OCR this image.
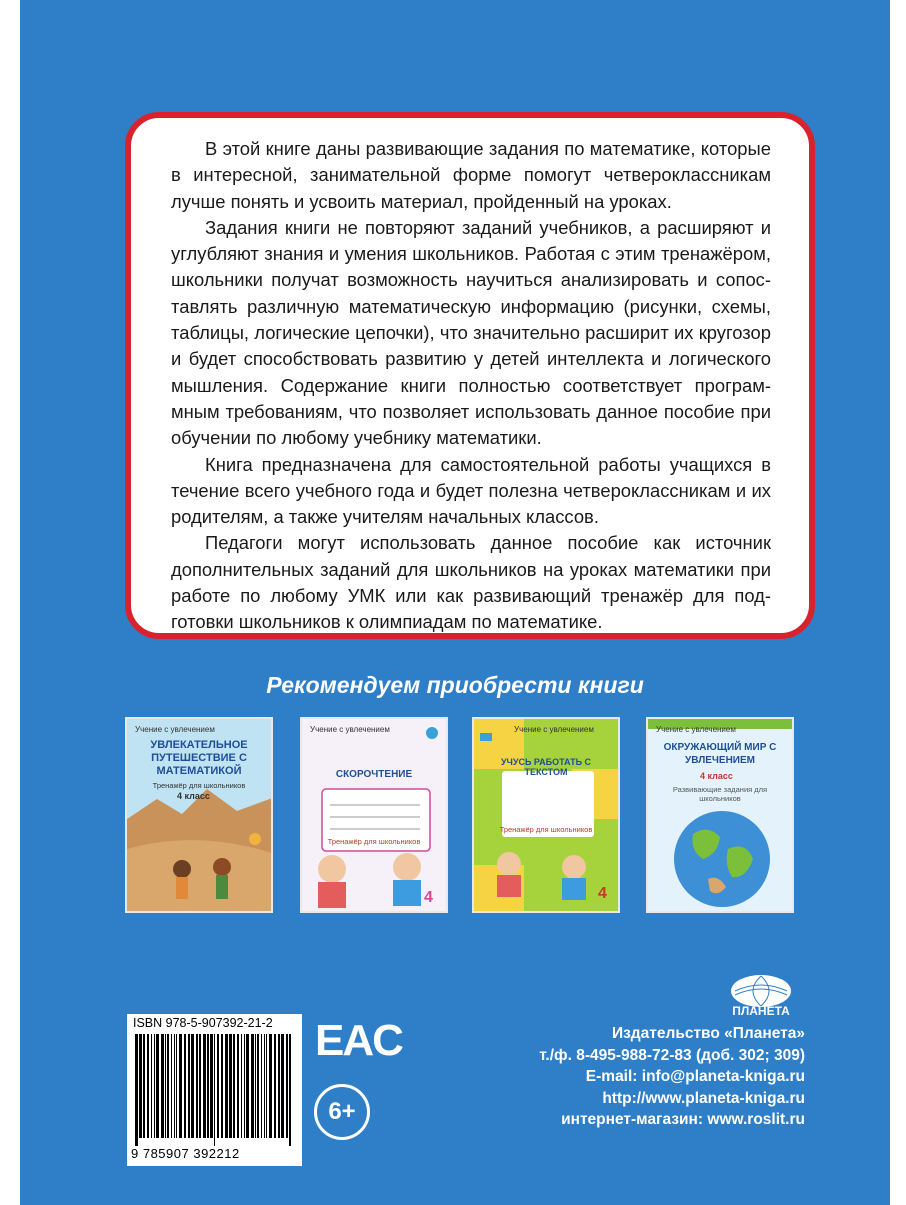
В этой книге даны развивающие задания по математике, которые в интересной, занимательной форме помогут четвероклассникам лучше понять и усвоить материал, пройденный на уроках.

Задания книги не повторяют заданий учебников, а расширяют и углубляют знания и умения школьников. Работая с этим тренажёром, школьники получат возможность научиться анализировать и сопоставлять различную математическую информацию (рисунки, схемы, таблицы, логические цепочки), что значительно расширит их кругозор и будет способствовать развитию у детей интеллекта и логического мышления. Содержание книги полностью соответствует программным требованиям, что позволяет использовать данное пособие при обучении по любому учебнику математики.

Книга предназначена для самостоятельной работы учащихся в течение всего учебного года и будет полезна четвероклассникам и их родителям, а также учителям начальных классов.

Педагоги могут использовать данное пособие как источник дополнительных заданий для школьников на уроках математики при работе по любому УМК или как развивающий тренажёр для подготовки школьников к олимпиадам по математике.

Рекомендуем приобрести книги
Учение с увлечением
УВЛЕКАТЕЛЬНОЕ ПУТЕШЕСТВИЕ С МАТЕМАТИКОЙ
Тренажёр для школьников
4 класс
Учение с увлечением
СКОРОЧТЕНИЕ
Тренажёр для школьников
4
Учение с увлечением
УЧУСЬ РАБОТАТЬ С ТЕКСТОМ
Тренажёр для школьников
4
Учение с увлечением
ОКРУЖАЮЩИЙ МИР С УВЛЕЧЕНИЕМ
4 класс
Развивающие задания для школьников
ПЛАНЕТА
ISBN 978-5-907392-21-2
9 785907 392212
EAC
6+
Издательство «Планета»
т./ф. 8-495-988-72-83 (доб. 302; 309)
E-mail: info@planeta-kniga.ru
http://www.planeta-kniga.ru
интернет-магазин: www.roslit.ru
